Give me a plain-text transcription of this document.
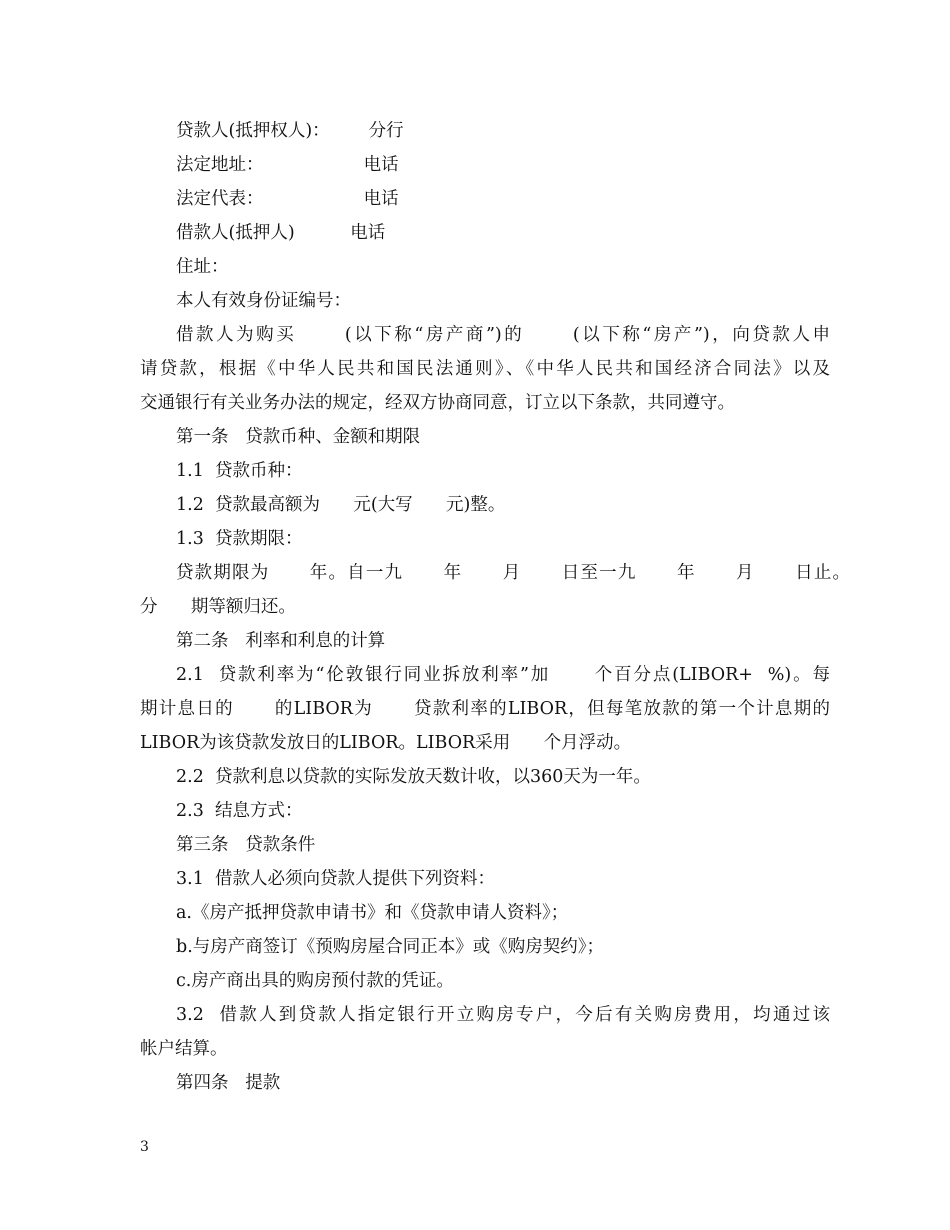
贷款人(抵押权人)：       分行
法定地址：                  电话
法定代表：                  电话
借款人(抵押人)          电话
住址：
本人有效身份证编号：
借款人为购买      (以下称“房产商”)的      (以下称“房产”)，向贷款人申
请贷款，根据《中华人民共和国民法通则》、《中华人民共和国经济合同法》以及
交通银行有关业务办法的规定，经双方协商同意，订立以下条款，共同遵守。
第一条   贷款币种、金额和期限
1.1  贷款币种：
1.2  贷款最高额为      元(大写      元)整。
1.3  贷款期限：
贷款期限为      年。自一九      年      月      日至一九      年      月      日止。
分      期等额归还。
第二条   利率和利息的计算
2.1  贷款利率为“伦敦银行同业拆放利率”加      个百分点(LIBOR+  %)。每
期计息日的      的LIBOR为      贷款利率的LIBOR，但每笔放款的第一个计息期的
LIBOR为该贷款发放日的LIBOR。LIBOR采用      个月浮动。
2.2  贷款利息以贷款的实际发放天数计收，以360天为一年。
2.3  结息方式：
第三条   贷款条件
3.1  借款人必须向贷款人提供下列资料：
a.《房产抵押贷款申请书》和《贷款申请人资料》；
b.与房产商签订《预购房屋合同正本》或《购房契约》；
c.房产商出具的购房预付款的凭证。
3.2  借款人到贷款人指定银行开立购房专户，今后有关购房费用，均通过该
帐户结算。
第四条   提款
3
